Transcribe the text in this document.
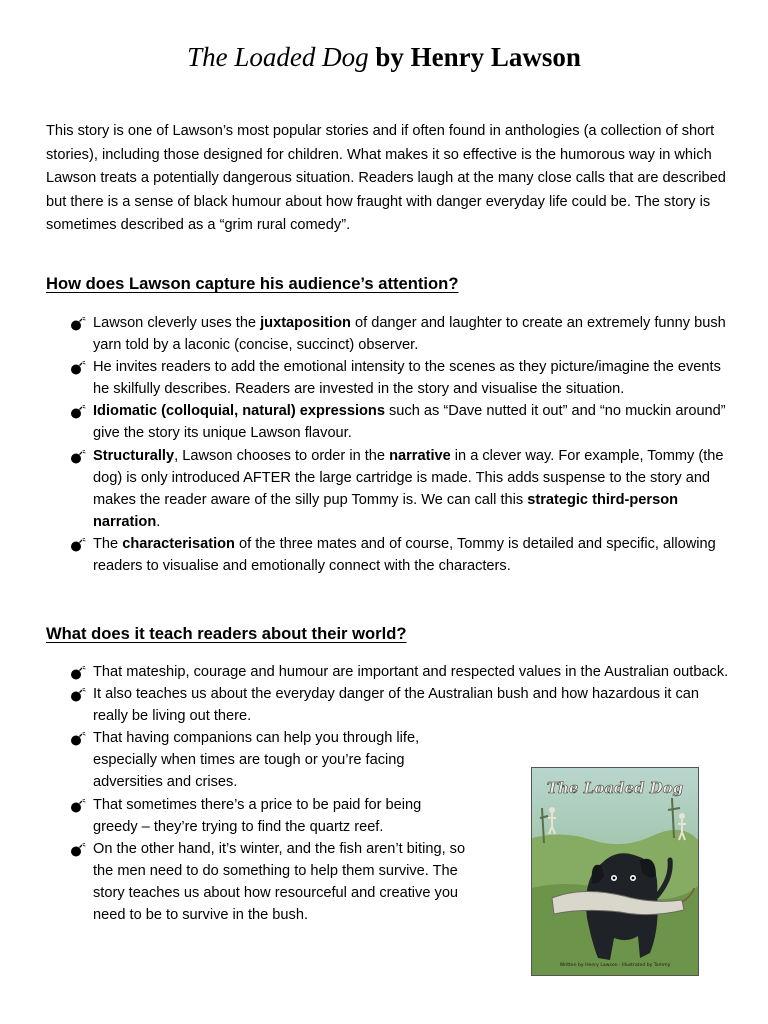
The Loaded Dog by Henry Lawson
This story is one of Lawson’s most popular stories and if often found in anthologies (a collection of short stories), including those designed for children. What makes it so effective is the humorous way in which Lawson treats a potentially dangerous situation. Readers laugh at the many close calls that are described but there is a sense of black humour about how fraught with danger everyday life could be. The story is sometimes described as a “grim rural comedy”.
How does Lawson capture his audience’s attention?
Lawson cleverly uses the juxtaposition of danger and laughter to create an extremely funny bush yarn told by a laconic (concise, succinct) observer.
He invites readers to add the emotional intensity to the scenes as they picture/imagine the events he skilfully describes. Readers are invested in the story and visualise the situation.
Idiomatic (colloquial, natural) expressions such as “Dave nutted it out” and “no muckin around” give the story its unique Lawson flavour.
Structurally, Lawson chooses to order in the narrative in a clever way. For example, Tommy (the dog) is only introduced AFTER the large cartridge is made. This adds suspense to the story and makes the reader aware of the silly pup Tommy is. We can call this strategic third-person narration.
The characterisation of the three mates and of course, Tommy is detailed and specific, allowing readers to visualise and emotionally connect with the characters.
What does it teach readers about their world?
That mateship, courage and humour are important and respected values in the Australian outback.
It also teaches us about the everyday danger of the Australian bush and how hazardous it can really be living out there.
That having companions can help you through life, especially when times are tough or you’re facing adversities and crises.
That sometimes there’s a price to be paid for being greedy – they’re trying to find the quartz reef.
On the other hand, it’s winter, and the fish aren’t biting, so the men need to do something to help them survive. The story teaches us about how resourceful and creative you need to be to survive in the bush.
The Loaded Dog
Written by Henry Lawson · Illustrated by Tommy
